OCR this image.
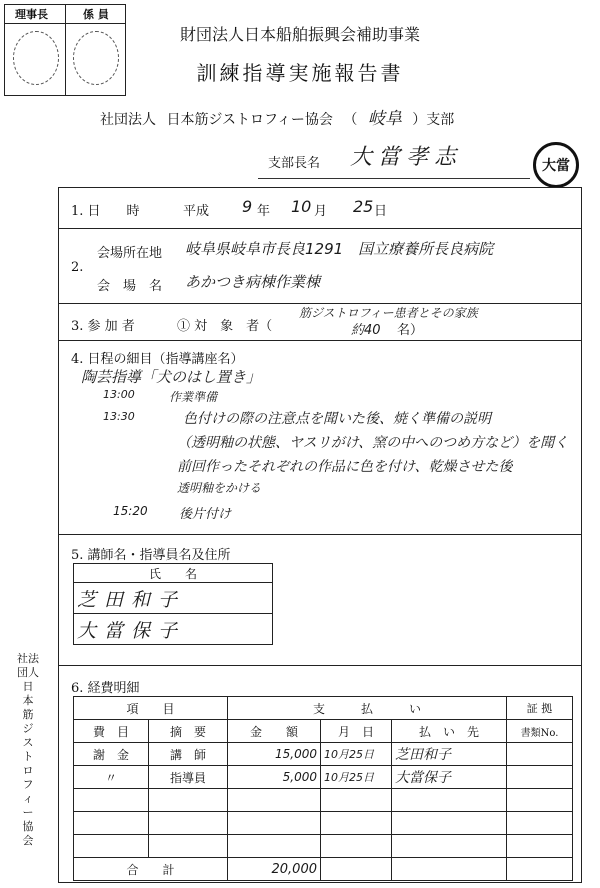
理事長	係 員
財団法人日本船舶振興会補助事業
訓練指導実施報告書
社団法人 日本筋ジストロフィー協会 （ 岐阜 ）支部
支部長名 大當孝志	大當
1. 日　　時	平成 9 年 10 月 25 日
2.
会場所在地 岐阜県岐阜市長良1291　国立療養所長良病院
会　場　名 あかつき病棟作業棟
3. 参 加 者	① 対　象　者（
筋ジストロフィー患者とその家族
約40 名）
4. 日程の細目（指導講座名）
陶芸指導「犬のはし置き」
13:00	作業準備
13:30	色付けの際の注意点を聞いた後、焼く準備の説明
（透明釉の状態、ヤスリがけ、窯の中へのつめ方など）を聞く
前回作ったそれぞれの作品に色を付け、乾燥させた後
透明釉をかける
15:20 後片付け
5. 講師名・指導員名及住所
氏　　名
芝田和子
大當保子
6. 経費明細
項　　目		支　　　払　　　い			証 拠
費　目	摘　要	金　　額	月　日	払　い　先	書類No.
謝　金	講　師	15,000	10月25日	芝田和子	
〃	指導員	5,000	10月25日	大當保子	

合　　計		20,000			
社法
団人
日
本
筋
ジ
ス
ト
ロ
フ
ィ
ー
協
会
